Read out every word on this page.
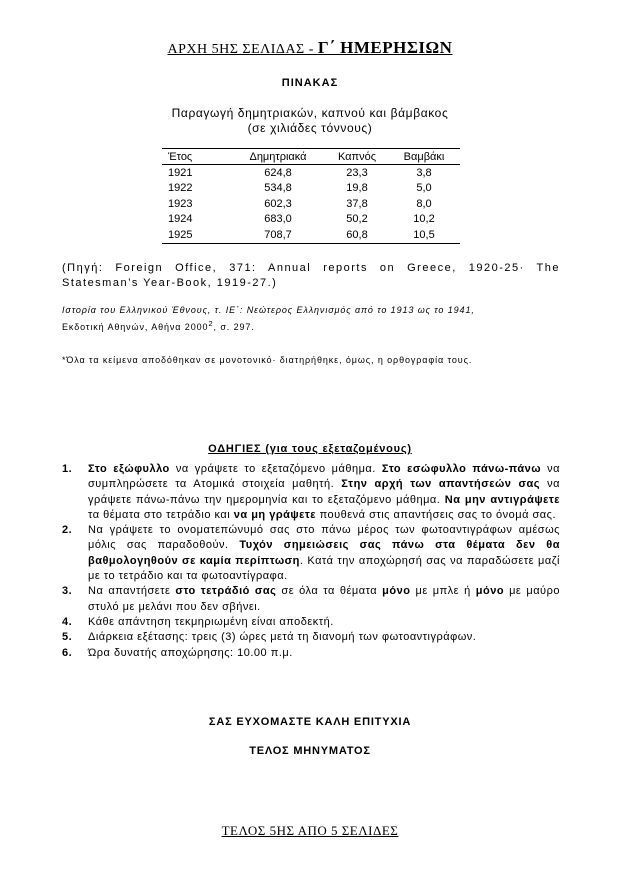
ΑΡΧΗ 5ΗΣ ΣΕΛΙΔΑΣ - Γ΄ ΗΜΕΡΗΣΙΩΝ
ΠΙΝΑΚΑΣ
Παραγωγή δημητριακών, καπνού και βάμβακος
(σε χιλιάδες τόννους)
Έτος	Δημητριακά	Καπνός	Βαμβάκι
1921	624,8	23,3	3,8
1922	534,8	19,8	5,0
1923	602,3	37,8	8,0
1924	683,0	50,2	10,2
1925	708,7	60,8	10,5
(Πηγή: Foreign Office, 371: Annual reports on Greece, 1920-25· The
Statesman’s Year-Book, 1919-27.)
Ιστορία του Ελληνικού Έθνους, τ. ΙΕ΄: Νεώτερος Ελληνισμός από το 1913 ως το 1941,
Εκδοτική Αθηνών, Αθήνα 2000$^2$, σ. 297.
*Όλα τα κείμενα αποδόθηκαν σε μονοτονικό· διατηρήθηκε, όμως, η ορθογραφία τους.
ΟΔΗΓΙΕΣ (για τους εξεταζομένους)
1. Στο εξώφυλλο να γράψετε το εξεταζόμενο μάθημα. Στο εσώφυλλο πάνω-πάνω να συμπληρώσετε τα Ατομικά στοιχεία μαθητή. Στην αρχή των απαντήσεών σας να γράψετε πάνω-πάνω την ημερομηνία και το εξεταζόμενο μάθημα. Να μην αντιγράψετε τα θέματα στο τετράδιο και να μη γράψετε πουθενά στις απαντήσεις σας το όνομά σας.
2. Να γράψετε το ονοματεπώνυμό σας στο πάνω μέρος των φωτοαντιγράφων αμέσως μόλις σας παραδοθούν. Τυχόν σημειώσεις σας πάνω στα θέματα δεν θα βαθμολογηθούν σε καμία περίπτωση. Κατά την αποχώρησή σας να παραδώσετε μαζί με το τετράδιο και τα φωτοαντίγραφα.
3. Να απαντήσετε στο τετράδιό σας σε όλα τα θέματα μόνο με μπλε ή μόνο με μαύρο στυλό με μελάνι που δεν σβήνει.
4. Κάθε απάντηση τεκμηριωμένη είναι αποδεκτή.
5. Διάρκεια εξέτασης: τρεις (3) ώρες μετά τη διανομή των φωτοαντιγράφων.
6. Ώρα δυνατής αποχώρησης: 10.00 π.μ.
ΣΑΣ ΕΥΧΟΜΑΣΤΕ ΚΑΛΗ ΕΠΙΤΥΧΙΑ
ΤΕΛΟΣ ΜΗΝΥΜΑΤΟΣ
ΤΕΛΟΣ 5ΗΣ ΑΠΟ 5 ΣΕΛΙΔΕΣ
